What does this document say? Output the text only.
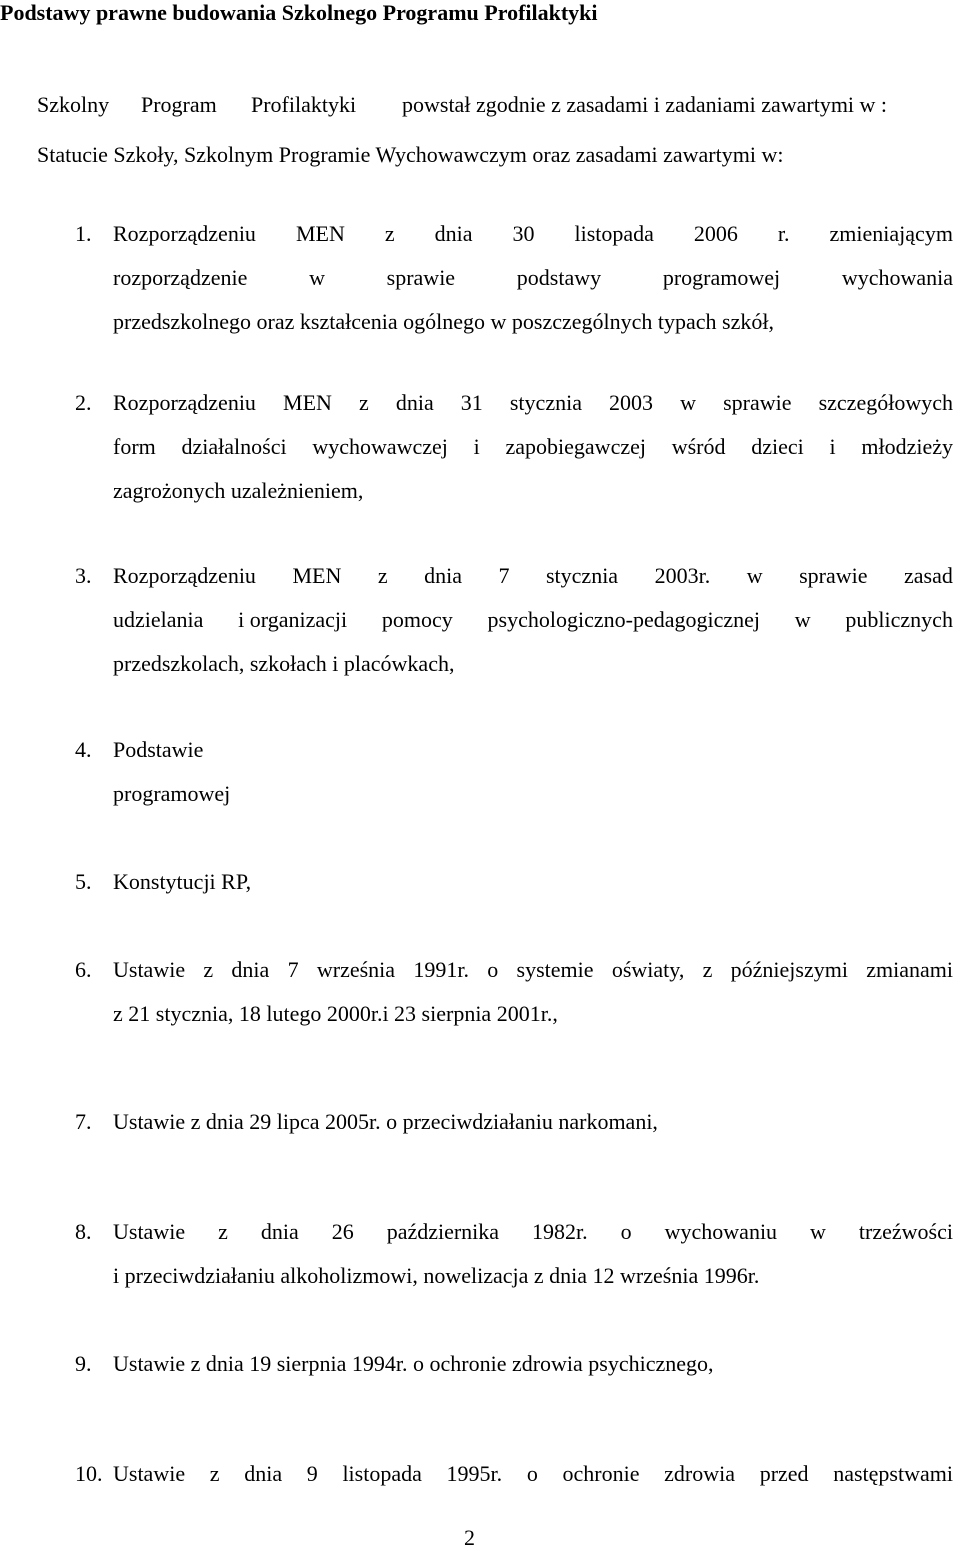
Podstawy prawne budowania Szkolnego Programu Profilaktyki
Szkolny Program Profilaktyki powstał zgodnie z zasadami i zadaniami zawartymi w :
Statucie Szkoły, Szkolnym Programie Wychowawczym oraz zasadami zawartymi w:
1. Rozporządzeniu MEN z dnia 30 listopada 2006 r. zmieniającym
rozporządzenie	w	sprawie	podstawy	programowej	wychowania
przedszkolnego oraz kształcenia ogólnego w poszczególnych typach szkół,
2. Rozporządzeniu MEN z dnia 31 stycznia 2003 w sprawie szczegółowych
form działalności wychowawczej i zapobiegawczej wśród dzieci i młodzieży
zagrożonych uzależnieniem,
3. Rozporządzeniu MEN z dnia 7 stycznia 2003r. w sprawie zasad
udzielania i organizacji pomocy psychologiczno-pedagogicznej w publicznych
przedszkolach, szkołach i placówkach,
4. Podstawie
programowej
5. Konstytucji RP,
6. Ustawie z dnia 7 września 1991r. o systemie oświaty, z późniejszymi zmianami
z 21 stycznia, 18 lutego 2000r.i 23 sierpnia 2001r.,
7. Ustawie z dnia 29 lipca 2005r. o przeciwdziałaniu narkomani,
8. Ustawie z dnia 26 października 1982r. o wychowaniu w trzeźwości
i przeciwdziałaniu alkoholizmowi, nowelizacja z dnia 12 września 1996r.
9. Ustawie z dnia 19 sierpnia 1994r. o ochronie zdrowia psychicznego,
10. Ustawie z dnia 9 listopada 1995r. o ochronie zdrowia przed następstwami
2
